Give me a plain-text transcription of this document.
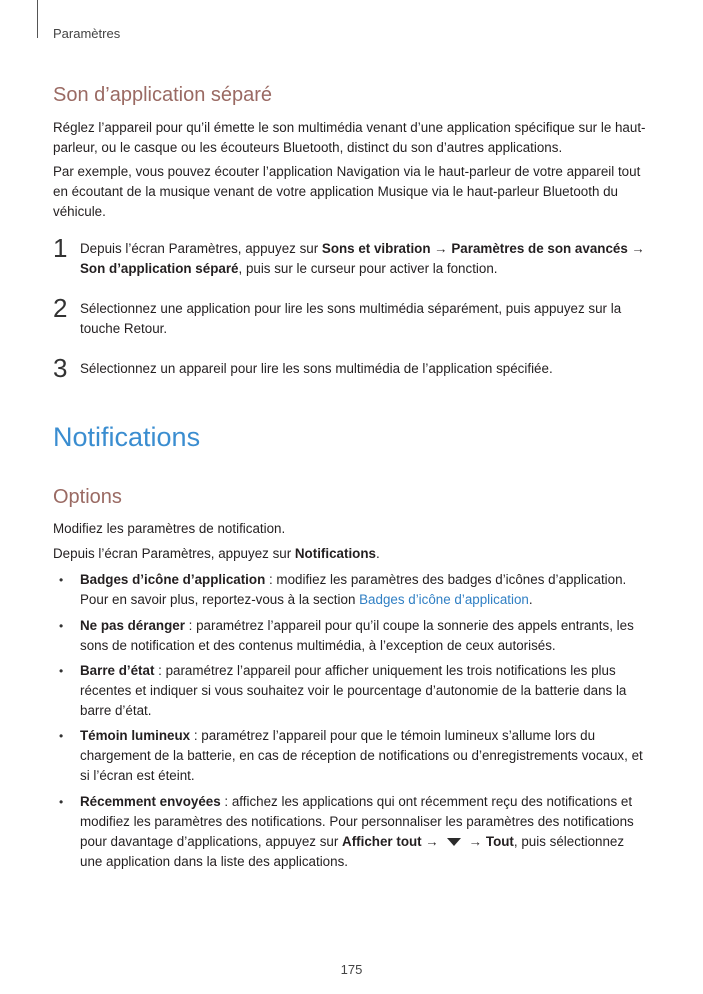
Paramètres
Son d’application séparé

Réglez l’appareil pour qu’il émette le son multimédia venant d’une application spécifique sur le haut-parleur, ou le casque ou les écouteurs Bluetooth, distinct du son d’autres applications.

Par exemple, vous pouvez écouter l’application Navigation via le haut-parleur de votre appareil tout en écoutant de la musique venant de votre application Musique via le haut-parleur Bluetooth du véhicule.

1 Depuis l’écran Paramètres, appuyez sur Sons et vibration → Paramètres de son avancés → Son d’application séparé, puis sur le curseur pour activer la fonction.
2 Sélectionnez une application pour lire les sons multimédia séparément, puis appuyez sur la touche Retour.
3 Sélectionnez un appareil pour lire les sons multimédia de l’application spécifiée.
Notifications
Options

Modifiez les paramètres de notification.

Depuis l’écran Paramètres, appuyez sur Notifications.

• Badges d’icône d’application : modifiez les paramètres des badges d’icônes d’application. Pour en savoir plus, reportez-vous à la section Badges d’icône d’application.
• Ne pas déranger : paramétrez l’appareil pour qu’il coupe la sonnerie des appels entrants, les sons de notification et des contenus multimédia, à l’exception de ceux autorisés.
• Barre d’état : paramétrez l’appareil pour afficher uniquement les trois notifications les plus récentes et indiquer si vous souhaitez voir le pourcentage d’autonomie de la batterie dans la barre d’état.
• Témoin lumineux : paramétrez l’appareil pour que le témoin lumineux s’allume lors du chargement de la batterie, en cas de réception de notifications ou d’enregistrements vocaux, et si l’écran est éteint.
• Récemment envoyées : affichez les applications qui ont récemment reçu des notifications et modifiez les paramètres des notifications. Pour personnaliser les paramètres des notifications pour davantage d’applications, appuyez sur Afficher tout → → Tout, puis sélectionnez une application dans la liste des applications.
175
